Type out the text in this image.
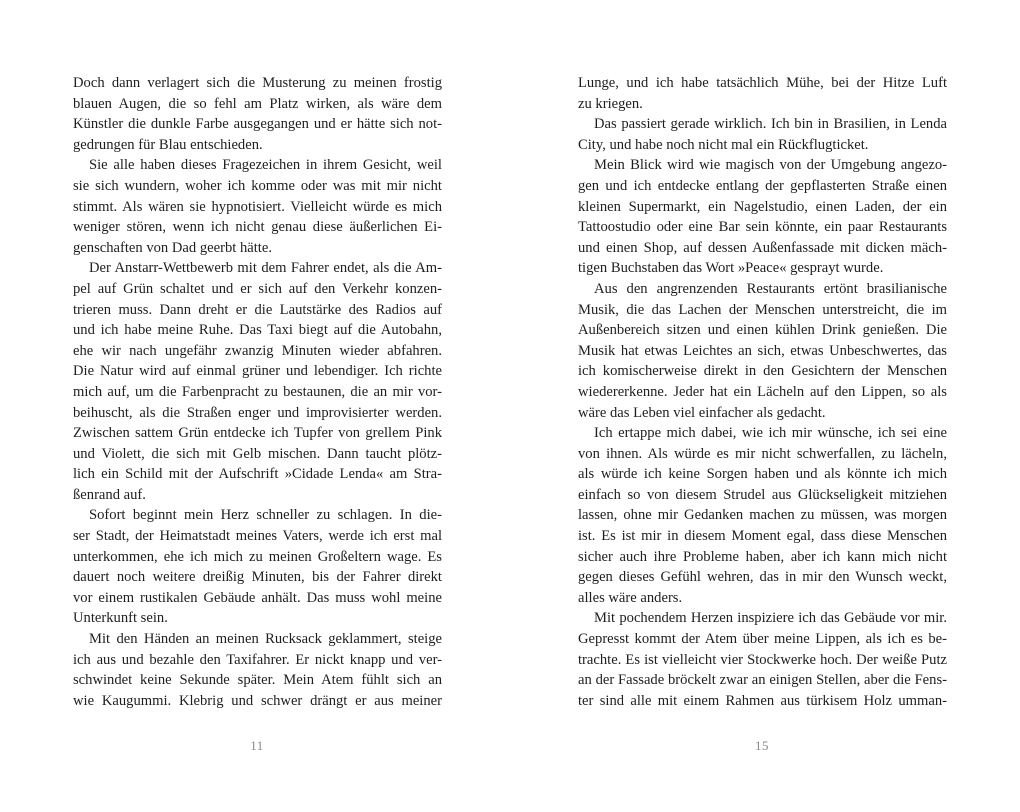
Doch dann verlagert sich die Musterung zu meinen frostig
blauen Augen, die so fehl am Platz wirken, als wäre dem
Künstler die dunkle Farbe ausgegangen und er hätte sich not-
gedrungen für Blau entschieden.
Sie alle haben dieses Fragezeichen in ihrem Gesicht, weil
sie sich wundern, woher ich komme oder was mit mir nicht
stimmt. Als wären sie hypnotisiert. Vielleicht würde es mich
weniger stören, wenn ich nicht genau diese äußerlichen Ei-
genschaften von Dad geerbt hätte.
Der Anstarr-Wettbewerb mit dem Fahrer endet, als die Am-
pel auf Grün schaltet und er sich auf den Verkehr konzen-
trieren muss. Dann dreht er die Lautstärke des Radios auf
und ich habe meine Ruhe. Das Taxi biegt auf die Autobahn,
ehe wir nach ungefähr zwanzig Minuten wieder abfahren.
Die Natur wird auf einmal grüner und lebendiger. Ich richte
mich auf, um die Farbenpracht zu bestaunen, die an mir vor-
beihuscht, als die Straßen enger und improvisierter werden.
Zwischen sattem Grün entdecke ich Tupfer von grellem Pink
und Violett, die sich mit Gelb mischen. Dann taucht plötz-
lich ein Schild mit der Aufschrift »Cidade Lenda« am Stra-
ßenrand auf.
Sofort beginnt mein Herz schneller zu schlagen. In die-
ser Stadt, der Heimatstadt meines Vaters, werde ich erst mal
unterkommen, ehe ich mich zu meinen Großeltern wage. Es
dauert noch weitere dreißig Minuten, bis der Fahrer direkt
vor einem rustikalen Gebäude anhält. Das muss wohl meine
Unterkunft sein.
Mit den Händen an meinen Rucksack geklammert, steige
ich aus und bezahle den Taxifahrer. Er nickt knapp und ver-
schwindet keine Sekunde später. Mein Atem fühlt sich an
wie Kaugummi. Klebrig und schwer drängt er aus meiner
11
Lunge, und ich habe tatsächlich Mühe, bei der Hitze Luft
zu kriegen.
Das passiert gerade wirklich. Ich bin in Brasilien, in Lenda
City, und habe noch nicht mal ein Rückflugticket.
Mein Blick wird wie magisch von der Umgebung angezo-
gen und ich entdecke entlang der gepflasterten Straße einen
kleinen Supermarkt, ein Nagelstudio, einen Laden, der ein
Tattoostudio oder eine Bar sein könnte, ein paar Restaurants
und einen Shop, auf dessen Außenfassade mit dicken mäch-
tigen Buchstaben das Wort »Peace« gesprayt wurde.
Aus den angrenzenden Restaurants ertönt brasilianische
Musik, die das Lachen der Menschen unterstreicht, die im
Außenbereich sitzen und einen kühlen Drink genießen. Die
Musik hat etwas Leichtes an sich, etwas Unbeschwertes, das
ich komischerweise direkt in den Gesichtern der Menschen
wiedererkenne. Jeder hat ein Lächeln auf den Lippen, so als
wäre das Leben viel einfacher als gedacht.
Ich ertappe mich dabei, wie ich mir wünsche, ich sei eine
von ihnen. Als würde es mir nicht schwerfallen, zu lächeln,
als würde ich keine Sorgen haben und als könnte ich mich
einfach so von diesem Strudel aus Glückseligkeit mitziehen
lassen, ohne mir Gedanken machen zu müssen, was morgen
ist. Es ist mir in diesem Moment egal, dass diese Menschen
sicher auch ihre Probleme haben, aber ich kann mich nicht
gegen dieses Gefühl wehren, das in mir den Wunsch weckt,
alles wäre anders.
Mit pochendem Herzen inspiziere ich das Gebäude vor mir.
Gepresst kommt der Atem über meine Lippen, als ich es be-
trachte. Es ist vielleicht vier Stockwerke hoch. Der weiße Putz
an der Fassade bröckelt zwar an einigen Stellen, aber die Fens-
ter sind alle mit einem Rahmen aus türkisem Holz umman-
15
